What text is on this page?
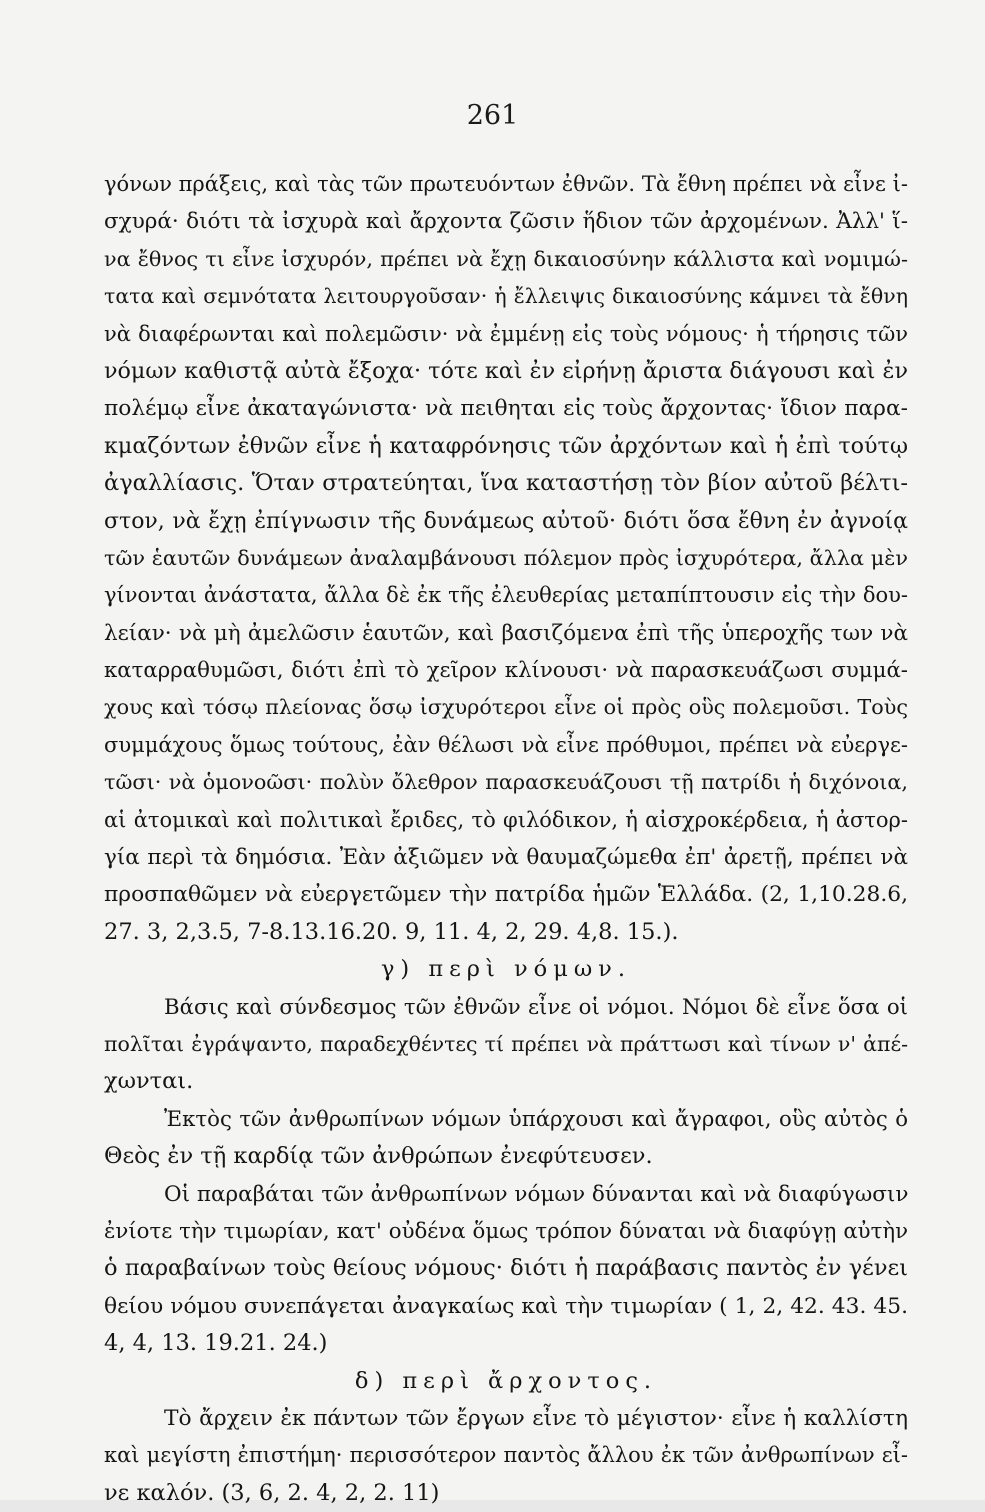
261
γόνων πράξεις, καὶ τὰς τῶν πρωτευόντων ἐθνῶν. Τὰ ἔθνη πρέπει νὰ εἶνε ἰ-
σχυρά· διότι τὰ ἰσχυρὰ καὶ ἄρχοντα ζῶσιν ἥδιον τῶν ἀρχομένων. Ἀλλ' ἵ-
να ἔθνος τι εἶνε ἰσχυρόν, πρέπει νὰ ἔχῃ δικαιοσύνην κάλλιστα καὶ νομιμώ-
τατα καὶ σεμνότατα λειτουργοῦσαν· ἡ ἔλλειψις δικαιοσύνης κάμνει τὰ ἔθνη
νὰ διαφέρωνται καὶ πολεμῶσιν· νὰ ἐμμένῃ εἰς τοὺς νόμους· ἡ τήρησις τῶν
νόμων καθιστᾷ αὐτὰ ἔξοχα· τότε καὶ ἐν εἰρήνῃ ἄριστα διάγουσι καὶ ἐν
πολέμῳ εἶνε ἀκαταγώνιστα· νὰ πειθηται εἰς τοὺς ἄρχοντας· ἴδιον παρα-
κμαζόντων ἐθνῶν εἶνε ἡ καταφρόνησις τῶν ἀρχόντων καὶ ἡ ἐπὶ τούτῳ
ἀγαλλίασις. Ὅταν στρατεύηται, ἵνα καταστήσῃ τὸν βίον αὐτοῦ βέλτι-
στον, νὰ ἔχῃ ἐπίγνωσιν τῆς δυνάμεως αὐτοῦ· διότι ὅσα ἔθνη ἐν ἀγνοίᾳ
τῶν ἑαυτῶν δυνάμεων ἀναλαμβάνουσι πόλεμον πρὸς ἰσχυρότερα, ἄλλα μὲν
γίνονται ἀνάστατα, ἄλλα δὲ ἐκ τῆς ἐλευθερίας μεταπίπτουσιν εἰς τὴν δου-
λείαν· νὰ μὴ ἀμελῶσιν ἑαυτῶν, καὶ βασιζόμενα ἐπὶ τῆς ὑπεροχῆς των νὰ
καταρραθυμῶσι, διότι ἐπὶ τὸ χεῖρον κλίνουσι· νὰ παρασκευάζωσι συμμά-
χους καὶ τόσῳ πλείονας ὅσῳ ἰσχυρότεροι εἶνε οἱ πρὸς οὓς πολεμοῦσι. Τοὺς
συμμάχους ὅμως τούτους, ἐὰν θέλωσι νὰ εἶνε πρόθυμοι, πρέπει νὰ εὐεργε-
τῶσι· νὰ ὁμονοῶσι· πολὺν ὄλεθρον παρασκευάζουσι τῇ πατρίδι ἡ διχόνοια,
αἱ ἀτομικαὶ καὶ πολιτικαὶ ἔριδες, τὸ φιλόδικον, ἡ αἰσχροκέρδεια, ἡ ἀστορ-
γία περὶ τὰ δημόσια. Ἐὰν ἀξιῶμεν νὰ θαυμαζώμεθα ἐπ' ἀρετῇ, πρέπει νὰ
προσπαθῶμεν νὰ εὐεργετῶμεν τὴν πατρίδα ἡμῶν Ἑλλάδα. (2, 1,10.28.6,
27. 3, 2,3.5, 7-8.13.16.20. 9, 11. 4, 2, 29. 4,8. 15.).
γ) περὶ νόμων.
Βάσις καὶ σύνδεσμος τῶν ἐθνῶν εἶνε οἱ νόμοι. Νόμοι δὲ εἶνε ὅσα οἱ
πολῖται ἐγράψαντο, παραδεχθέντες τί πρέπει νὰ πράττωσι καὶ τίνων ν' ἀπέ-
χωνται.
Ἐκτὸς τῶν ἀνθρωπίνων νόμων ὑπάρχουσι καὶ ἄγραφοι, οὓς αὐτὸς ὁ
Θεὸς ἐν τῇ καρδίᾳ τῶν ἀνθρώπων ἐνεφύτευσεν.
Οἱ παραβάται τῶν ἀνθρωπίνων νόμων δύνανται καὶ νὰ διαφύγωσιν
ἐνίοτε τὴν τιμωρίαν, κατ' οὐδένα ὅμως τρόπον δύναται νὰ διαφύγῃ αὐτὴν
ὁ παραβαίνων τοὺς θείους νόμους· διότι ἡ παράβασις παντὸς ἐν γένει
θείου νόμου συνεπάγεται ἀναγκαίως καὶ τὴν τιμωρίαν ( 1, 2, 42. 43. 45.
4, 4, 13. 19.21. 24.)
δ) περὶ ἄρχοντος.
Τὸ ἄρχειν ἐκ πάντων τῶν ἔργων εἶνε τὸ μέγιστον· εἶνε ἡ καλλίστη
καὶ μεγίστη ἐπιστήμη· περισσότερον παντὸς ἄλλου ἐκ τῶν ἀνθρωπίνων εἶ-
νε καλόν. (3, 6, 2. 4, 2, 2. 11)
